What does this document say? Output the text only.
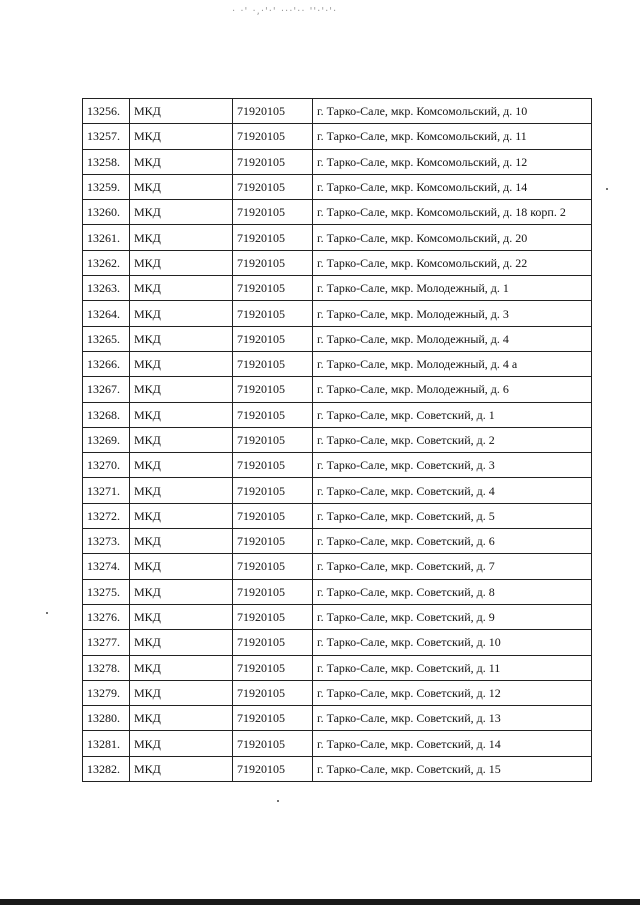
· ·' ·,·'·' ···'·· ''·'·'·
13256.	МКД	71920105	г. Тарко-Сале, мкр. Комсомольский, д. 10
13257.	МКД	71920105	г. Тарко-Сале, мкр. Комсомольский, д. 11
13258.	МКД	71920105	г. Тарко-Сале, мкр. Комсомольский, д. 12
13259.	МКД	71920105	г. Тарко-Сале, мкр. Комсомольский, д. 14
13260.	МКД	71920105	г. Тарко-Сале, мкр. Комсомольский, д. 18 корп. 2
13261.	МКД	71920105	г. Тарко-Сале, мкр. Комсомольский, д. 20
13262.	МКД	71920105	г. Тарко-Сале, мкр. Комсомольский, д. 22
13263.	МКД	71920105	г. Тарко-Сале, мкр. Молодежный, д. 1
13264.	МКД	71920105	г. Тарко-Сале, мкр. Молодежный, д. 3
13265.	МКД	71920105	г. Тарко-Сале, мкр. Молодежный, д. 4
13266.	МКД	71920105	г. Тарко-Сале, мкр. Молодежный, д. 4 а
13267.	МКД	71920105	г. Тарко-Сале, мкр. Молодежный, д. 6
13268.	МКД	71920105	г. Тарко-Сале, мкр. Советский, д. 1
13269.	МКД	71920105	г. Тарко-Сале, мкр. Советский, д. 2
13270.	МКД	71920105	г. Тарко-Сале, мкр. Советский, д. 3
13271.	МКД	71920105	г. Тарко-Сале, мкр. Советский, д. 4
13272.	МКД	71920105	г. Тарко-Сале, мкр. Советский, д. 5
13273.	МКД	71920105	г. Тарко-Сале, мкр. Советский, д. 6
13274.	МКД	71920105	г. Тарко-Сале, мкр. Советский, д. 7
13275.	МКД	71920105	г. Тарко-Сале, мкр. Советский, д. 8
13276.	МКД	71920105	г. Тарко-Сале, мкр. Советский, д. 9
13277.	МКД	71920105	г. Тарко-Сале, мкр. Советский, д. 10
13278.	МКД	71920105	г. Тарко-Сале, мкр. Советский, д. 11
13279.	МКД	71920105	г. Тарко-Сале, мкр. Советский, д. 12
13280.	МКД	71920105	г. Тарко-Сале, мкр. Советский, д. 13
13281.	МКД	71920105	г. Тарко-Сале, мкр. Советский, д. 14
13282.	МКД	71920105	г. Тарко-Сале, мкр. Советский, д. 15
